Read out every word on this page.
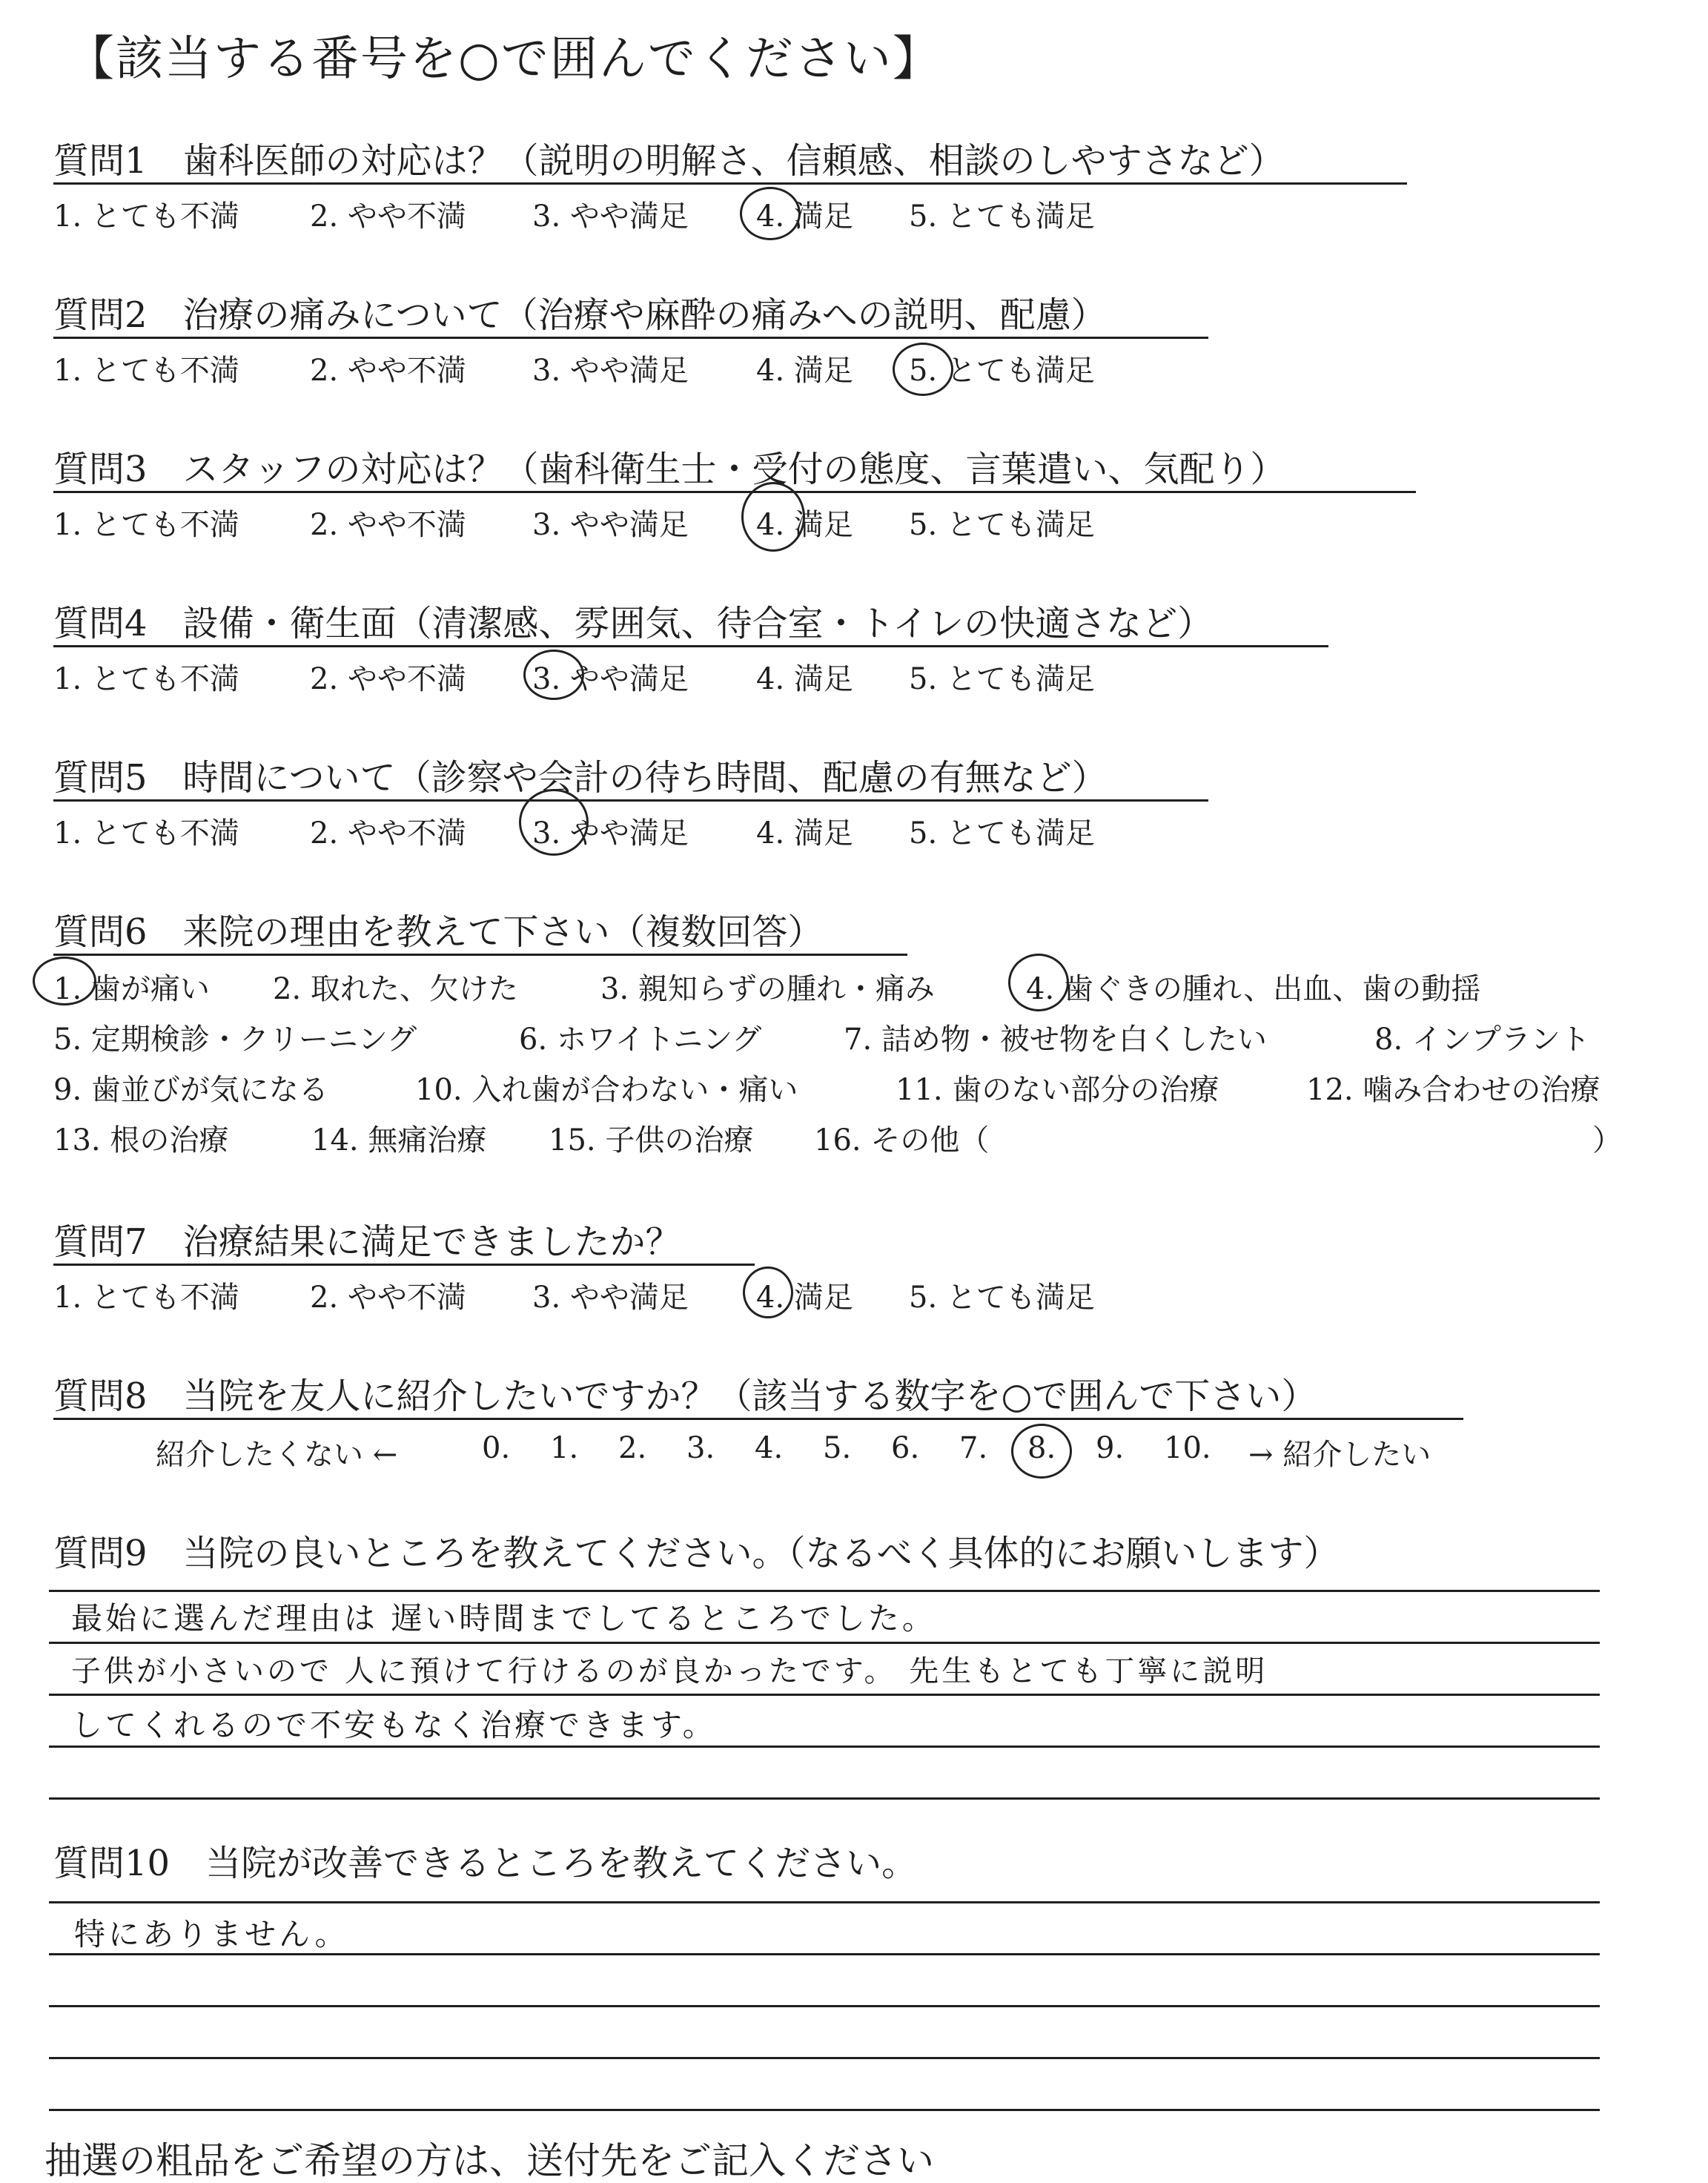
【該当する番号を○で囲んでください】
質問1　歯科医師の対応は？（説明の明解さ、信頼感、相談のしやすさなど）
1. とても不満 2. やや不満 3. やや満足 4. 満足 5. とても満足
質問2　治療の痛みについて（治療や麻酔の痛みへの説明、配慮）
1. とても不満 2. やや不満 3. やや満足 4. 満足 5. とても満足
質問3　スタッフの対応は？（歯科衛生士・受付の態度、言葉遣い、気配り）
1. とても不満 2. やや不満 3. やや満足 4. 満足 5. とても満足
質問4　設備・衛生面（清潔感、雰囲気、待合室・トイレの快適さなど）
1. とても不満 2. やや不満 3. やや満足 4. 満足 5. とても満足
質問5　時間について（診察や会計の待ち時間、配慮の有無など）
1. とても不満 2. やや不満 3. やや満足 4. 満足 5. とても満足
質問6　来院の理由を教えて下さい（複数回答）
1. 歯が痛い 2. 取れた、欠けた	3. 親知らずの腫れ・痛み	4. 歯ぐきの腫れ、出血、歯の動揺
5. 定期検診・クリーニング	6. ホワイトニング	7. 詰め物・被せ物を白くしたい	8. インプラント
9. 歯並びが気になる	10. 入れ歯が合わない・痛い	11. 歯のない部分の治療	12. 噛み合わせの治療
13. 根の治療	14. 無痛治療 15. 子供の治療 16. その他（	）
質問7　治療結果に満足できましたか？
1. とても不満 2. やや不満 3. やや満足 4. 満足 5. とても満足
質問8　当院を友人に紹介したいですか？（該当する数字を○で囲んで下さい）
紹介したくない ←	0. 1. 2. 3. 4. 5. 6. 7. 8. 9. 10. → 紹介したい
質問9　当院の良いところを教えてください。（なるべく具体的にお願いします）
最始に選んだ理由は 遅い時間までしてるところでした。
子供が小さいので 人に預けて行けるのが良かったです。 先生もとても丁寧に説明
してくれるので不安もなく治療できます。
質問10　当院が改善できるところを教えてください。
特にありません。
抽選の粗品をご希望の方は、送付先をご記入ください
